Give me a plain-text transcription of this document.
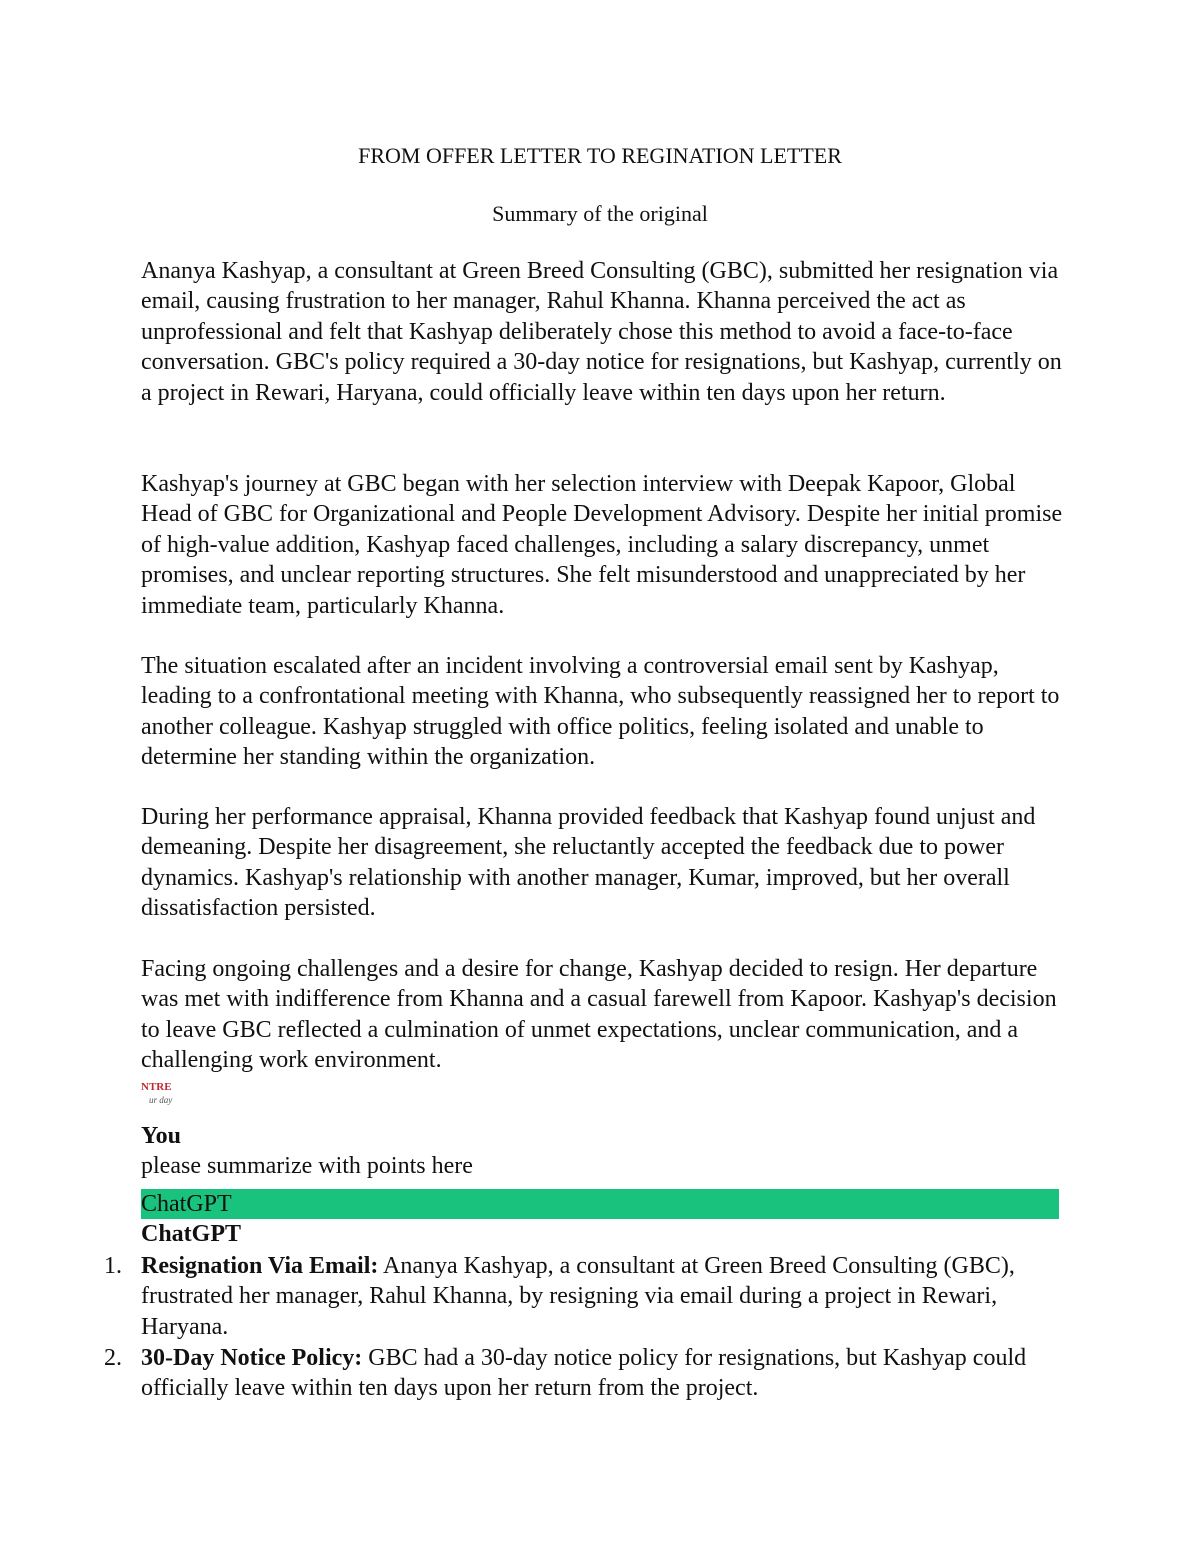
FROM OFFER LETTER TO REGINATION LETTER
Summary of the original

Ananya Kashyap, a consultant at Green Breed Consulting (GBC), submitted her resignation via email, causing frustration to her manager, Rahul Khanna. Khanna perceived the act as unprofessional and felt that Kashyap deliberately chose this method to avoid a face-to-face conversation. GBC's policy required a 30-day notice for resignations, but Kashyap, currently on a project in Rewari, Haryana, could officially leave within ten days upon her return.

Kashyap's journey at GBC began with her selection interview with Deepak Kapoor, Global Head of GBC for Organizational and People Development Advisory. Despite her initial promise of high-value addition, Kashyap faced challenges, including a salary discrepancy, unmet promises, and unclear reporting structures. She felt misunderstood and unappreciated by her immediate team, particularly Khanna.

The situation escalated after an incident involving a controversial email sent by Kashyap, leading to a confrontational meeting with Khanna, who subsequently reassigned her to report to another colleague. Kashyap struggled with office politics, feeling isolated and unable to determine her standing within the organization.

During her performance appraisal, Khanna provided feedback that Kashyap found unjust and demeaning. Despite her disagreement, she reluctantly accepted the feedback due to power dynamics. Kashyap's relationship with another manager, Kumar, improved, but her overall dissatisfaction persisted.

Facing ongoing challenges and a desire for change, Kashyap decided to resign. Her departure was met with indifference from Khanna and a casual farewell from Kapoor. Kashyap's decision to leave GBC reflected a culmination of unmet expectations, unclear communication, and a challenging work environment.

NTRE
ur day
You
please summarize with points here
ChatGPT
ChatGPT
1. Resignation Via Email: Ananya Kashyap, a consultant at Green Breed Consulting (GBC), frustrated her manager, Rahul Khanna, by resigning via email during a project in Rewari, Haryana.

2. 30-Day Notice Policy: GBC had a 30-day notice policy for resignations, but Kashyap could officially leave within ten days upon her return from the project.
